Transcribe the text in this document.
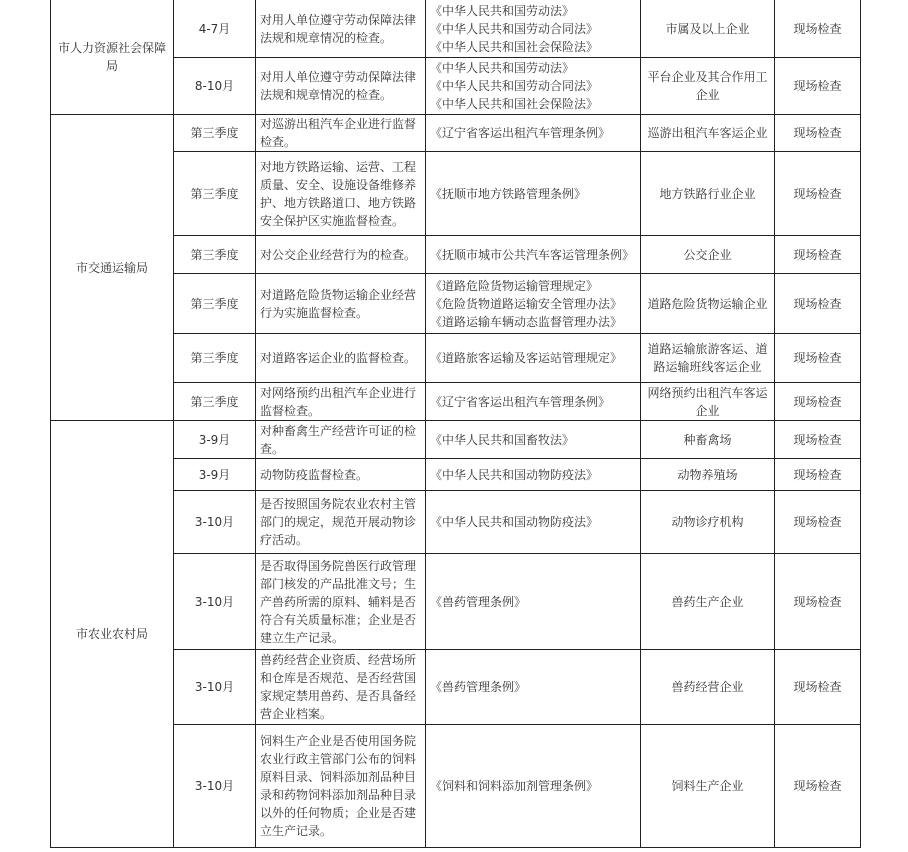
市人力资源社会保障局	4-7月	对用人单位遵守劳动保障法律法规和规章情况的检查。	《中华人民共和国劳动法》
《中华人民共和国劳动合同法》
《中华人民共和国社会保险法》	市属及以上企业	现场检查
	8-10月	对用人单位遵守劳动保障法律法规和规章情况的检查。	《中华人民共和国劳动法》
《中华人民共和国劳动合同法》
《中华人民共和国社会保险法》	平台企业及其合作用工企业	现场检查
市交通运输局	第三季度	对巡游出租汽车企业进行监督检查。	《辽宁省客运出租汽车管理条例》	巡游出租汽车客运企业	现场检查
	第三季度	对地方铁路运输、运营、工程质量、安全、设施设备维修养护、地方铁路道口、地方铁路安全保护区实施监督检查。	《抚顺市地方铁路管理条例》	地方铁路行业企业	现场检查
	第三季度	对公交企业经营行为的检查。	《抚顺市城市公共汽车客运管理条例》	公交企业	现场检查
	第三季度	对道路危险货物运输企业经营行为实施监督检查。	《道路危险货物运输管理规定》
《危险货物道路运输安全管理办法》
《道路运输车辆动态监督管理办法》	道路危险货物运输企业	现场检查
	第三季度	对道路客运企业的监督检查。	《道路旅客运输及客运站管理规定》	道路运输旅游客运、道路运输班线客运企业	现场检查
	第三季度	对网络预约出租汽车企业进行监督检查。	《辽宁省客运出租汽车管理条例》	网络预约出租汽车客运企业	现场检查
市农业农村局	3-9月	对种畜禽生产经营许可证的检查。	《中华人民共和国畜牧法》	种畜禽场	现场检查
	3-9月	动物防疫监督检查。	《中华人民共和国动物防疫法》	动物养殖场	现场检查
	3-10月	是否按照国务院农业农村主管部门的规定，规范开展动物诊疗活动。	《中华人民共和国动物防疫法》	动物诊疗机构	现场检查
	3-10月	是否取得国务院兽医行政管理部门核发的产品批准文号；生产兽药所需的原料、辅料是否符合有关质量标准；企业是否建立生产记录。	《兽药管理条例》	兽药生产企业	现场检查
	3-10月	兽药经营企业资质、经营场所和仓库是否规范、是否经营国家规定禁用兽药、是否具备经营企业档案。	《兽药管理条例》	兽药经营企业	现场检查
	3-10月	饲料生产企业是否使用国务院农业行政主管部门公布的饲料原料目录、饲料添加剂品种目录和药物饲料添加剂品种目录以外的任何物质；企业是否建立生产记录。	《饲料和饲料添加剂管理条例》	饲料生产企业	现场检查
